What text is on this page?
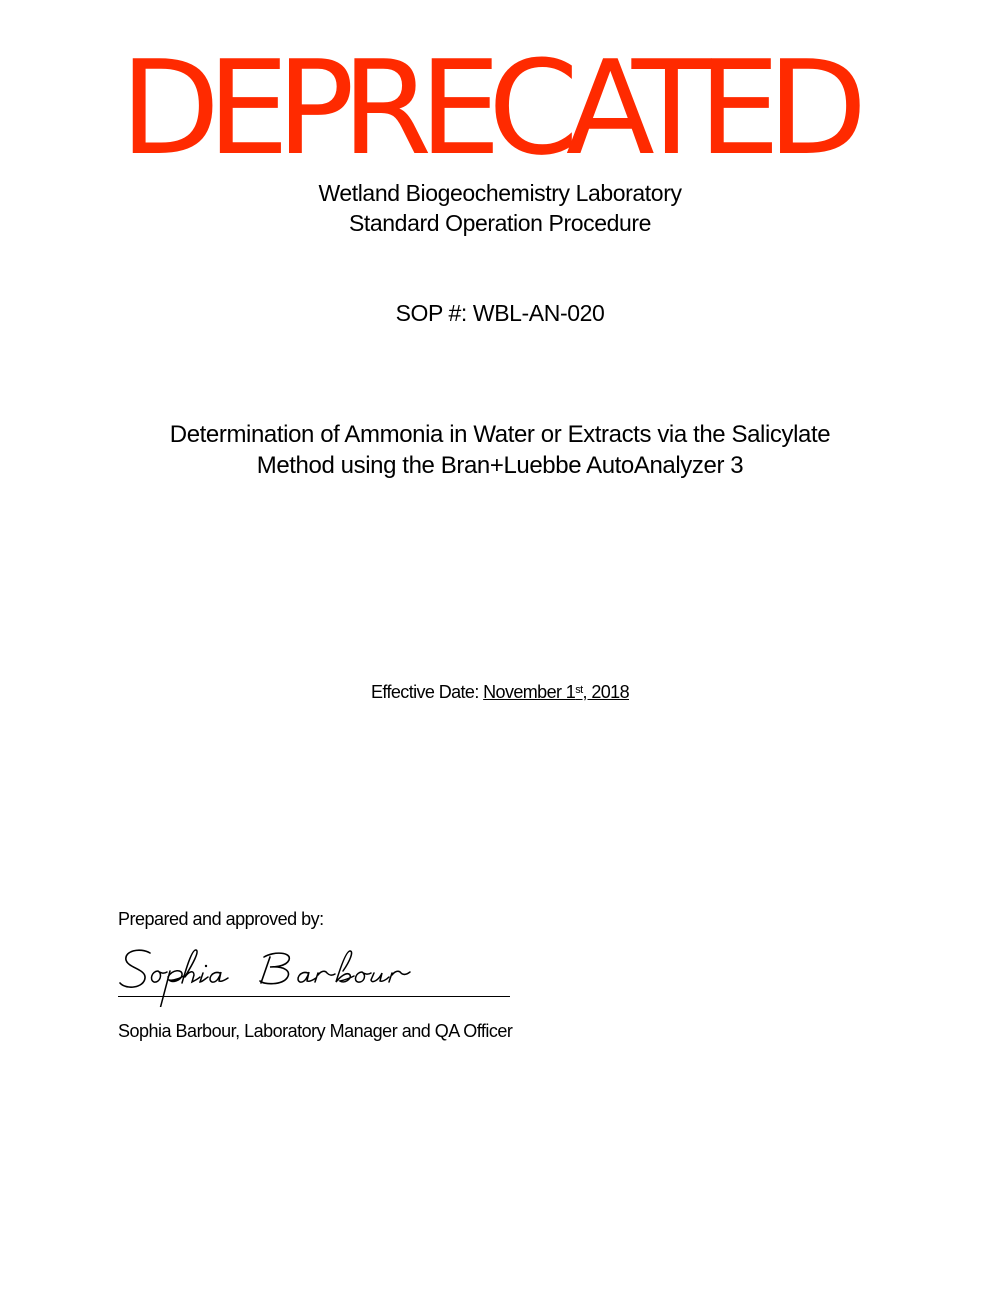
DEPRECATED
Wetland Biogeochemistry Laboratory
Standard Operation Procedure
SOP #: WBL-AN-020
Determination of Ammonia in Water or Extracts via the Salicylate
Method using the Bran+Luebbe AutoAnalyzer 3
Effective Date: November 1st, 2018
Prepared and approved by:
Sophia Barbour, Laboratory Manager and QA Officer
